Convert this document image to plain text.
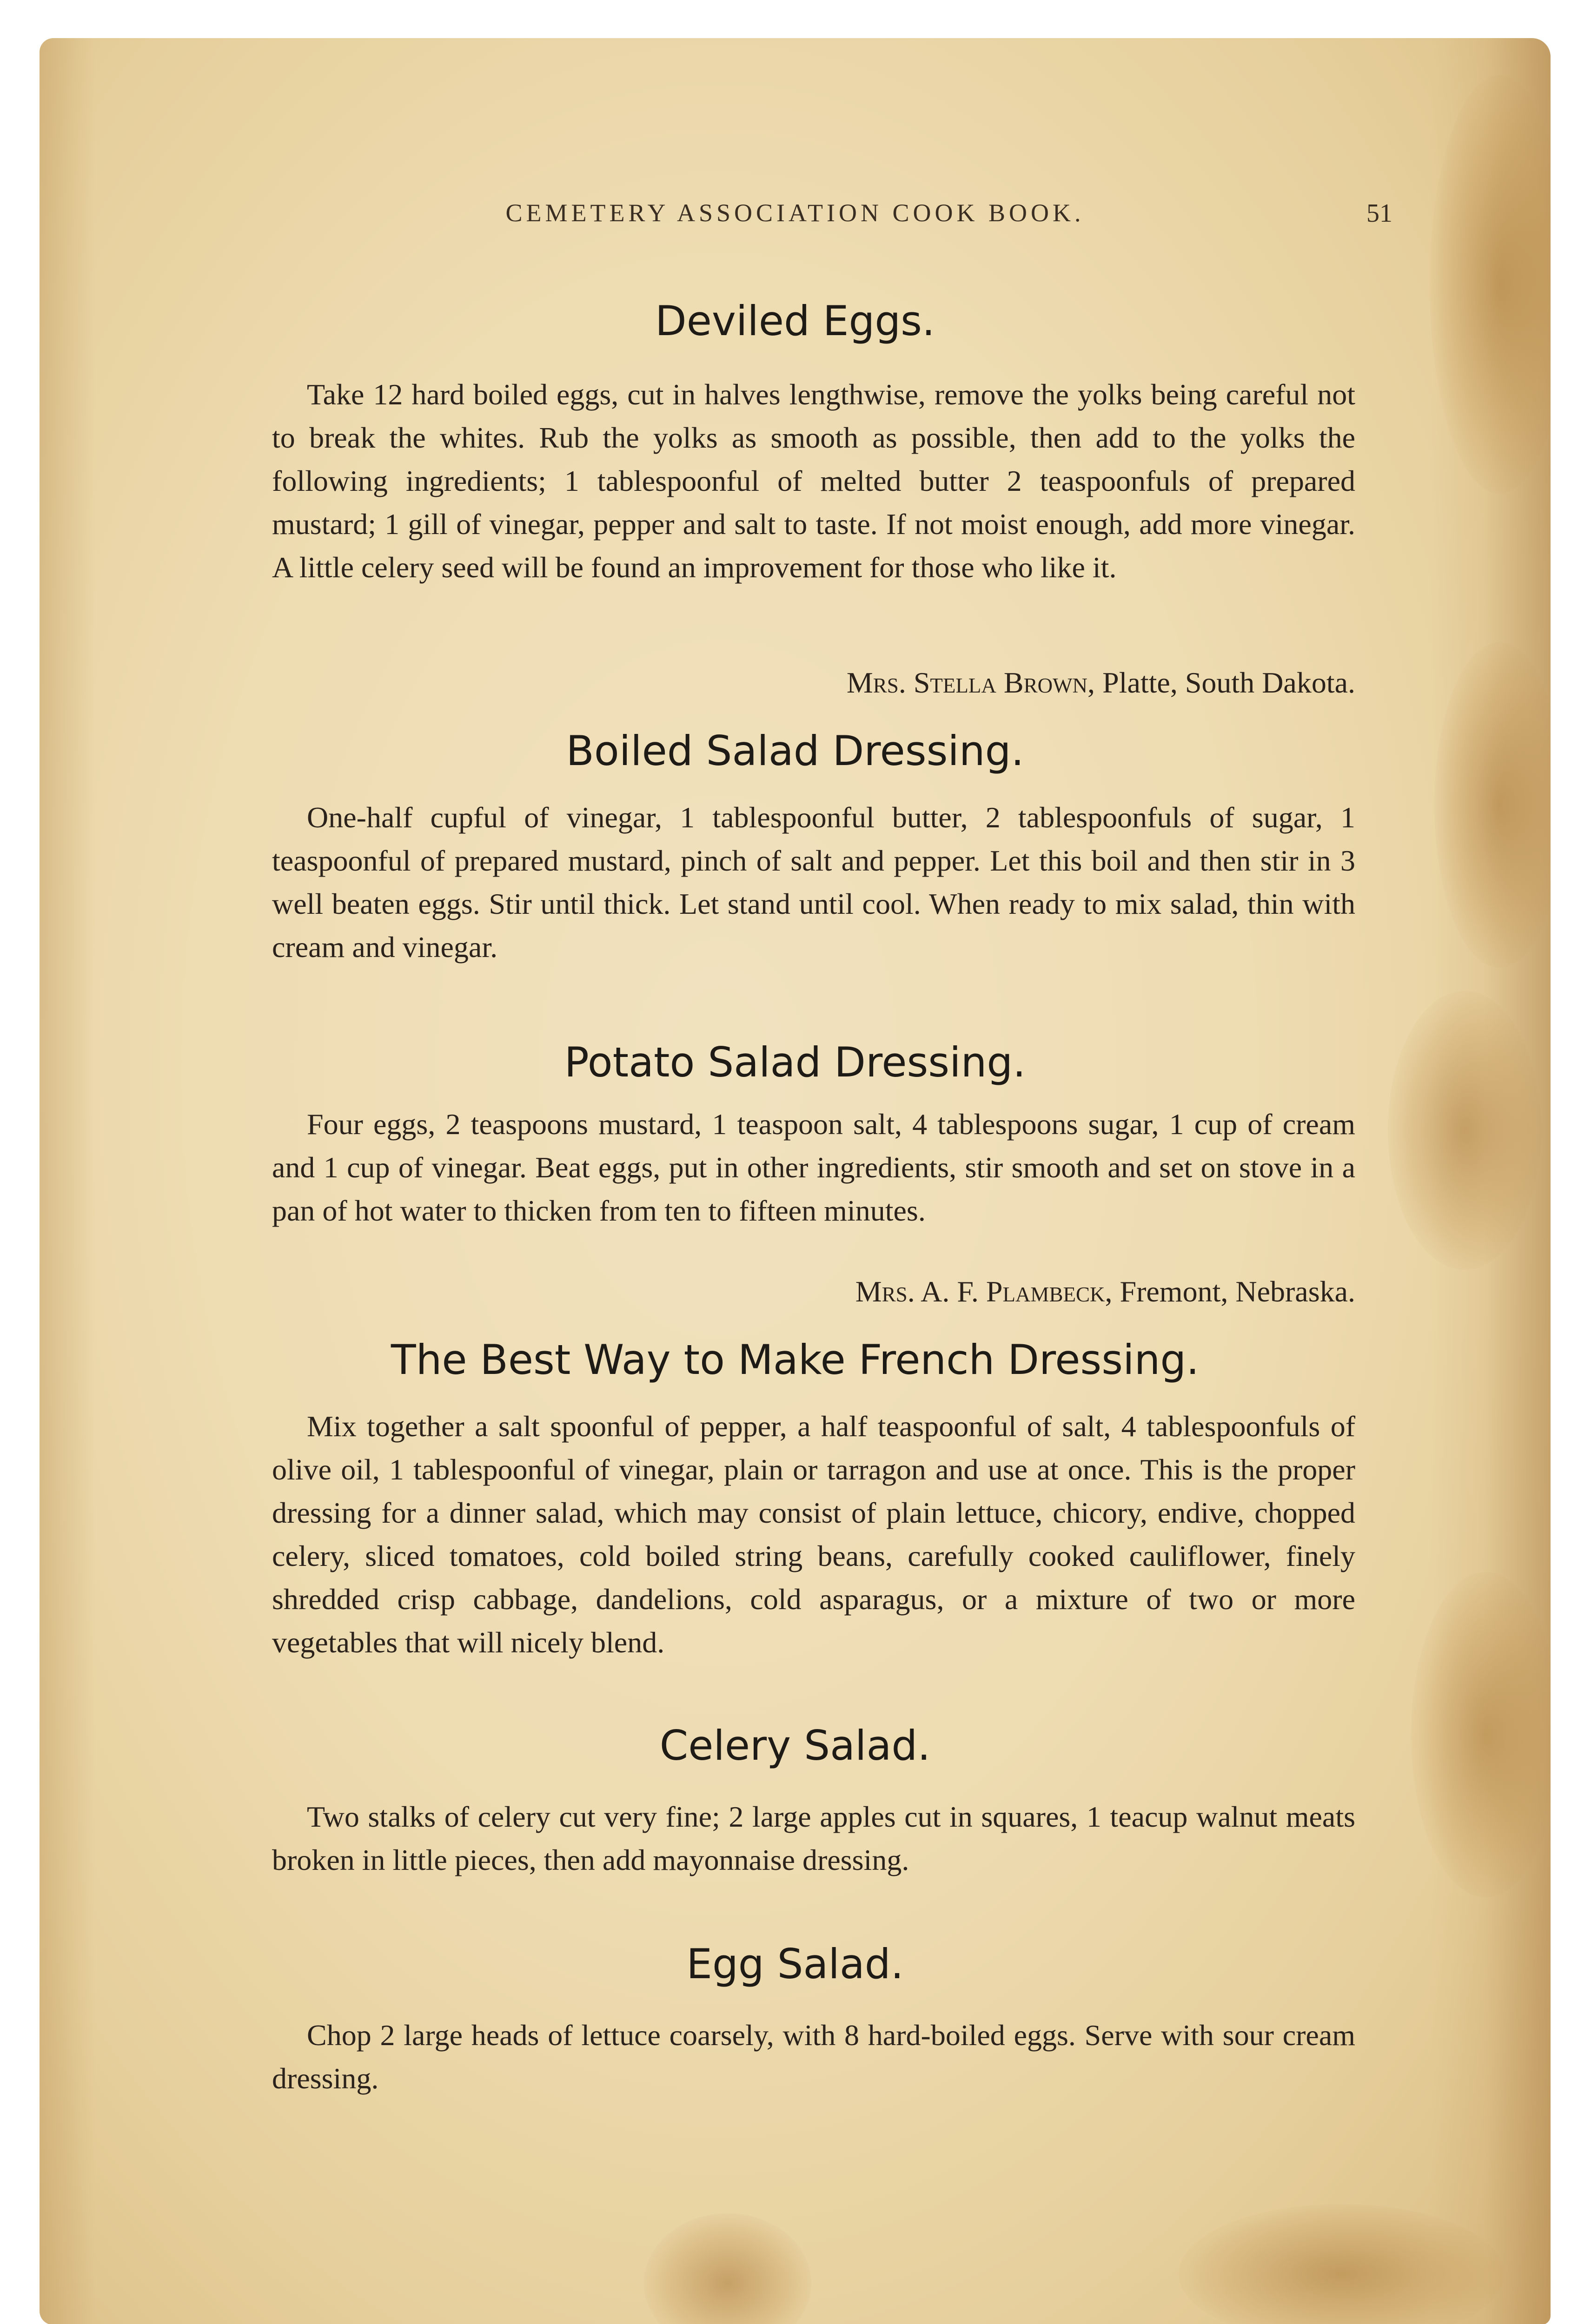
CEMETERY ASSOCIATION COOK BOOK.	51
Deviled Eggs.
Take 12 hard boiled eggs, cut in halves lengthwise, remove the yolks being careful not to break the whites. Rub the yolks as smooth as possible, then add to the yolks the following ingredients; 1 tablespoonful of melted butter 2 teaspoonfuls of prepared mustard; 1 gill of vinegar, pepper and salt to taste. If not moist enough, add more vinegar. A little celery seed will be found an improvement for those who like it.
Mrs. Stella Brown, Platte, South Dakota.
Boiled Salad Dressing.
One-half cupful of vinegar, 1 tablespoonful butter, 2 tablespoonfuls of sugar, 1 teaspoonful of prepared mustard, pinch of salt and pepper. Let this boil and then stir in 3 well beaten eggs. Stir until thick. Let stand until cool. When ready to mix salad, thin with cream and vinegar.
Potato Salad Dressing.
Four eggs, 2 teaspoons mustard, 1 teaspoon salt, 4 tablespoons sugar, 1 cup of cream and 1 cup of vinegar. Beat eggs, put in other ingredients, stir smooth and set on stove in a pan of hot water to thicken from ten to fifteen minutes.
Mrs. A. F. Plambeck, Fremont, Nebraska.
The Best Way to Make French Dressing.
Mix together a salt spoonful of pepper, a half teaspoonful of salt, 4 tablespoonfuls of olive oil, 1 tablespoonful of vinegar, plain or tarragon and use at once. This is the proper dressing for a dinner salad, which may consist of plain lettuce, chicory, endive, chopped celery, sliced tomatoes, cold boiled string beans, carefully cooked cauliflower, finely shredded crisp cabbage, dandelions, cold asparagus, or a mixture of two or more vegetables that will nicely blend.
Celery Salad.
Two stalks of celery cut very fine; 2 large apples cut in squares, 1 teacup walnut meats broken in little pieces, then add mayonnaise dressing.
Egg Salad.
Chop 2 large heads of lettuce coarsely, with 8 hard-boiled eggs. Serve with sour cream dressing.
